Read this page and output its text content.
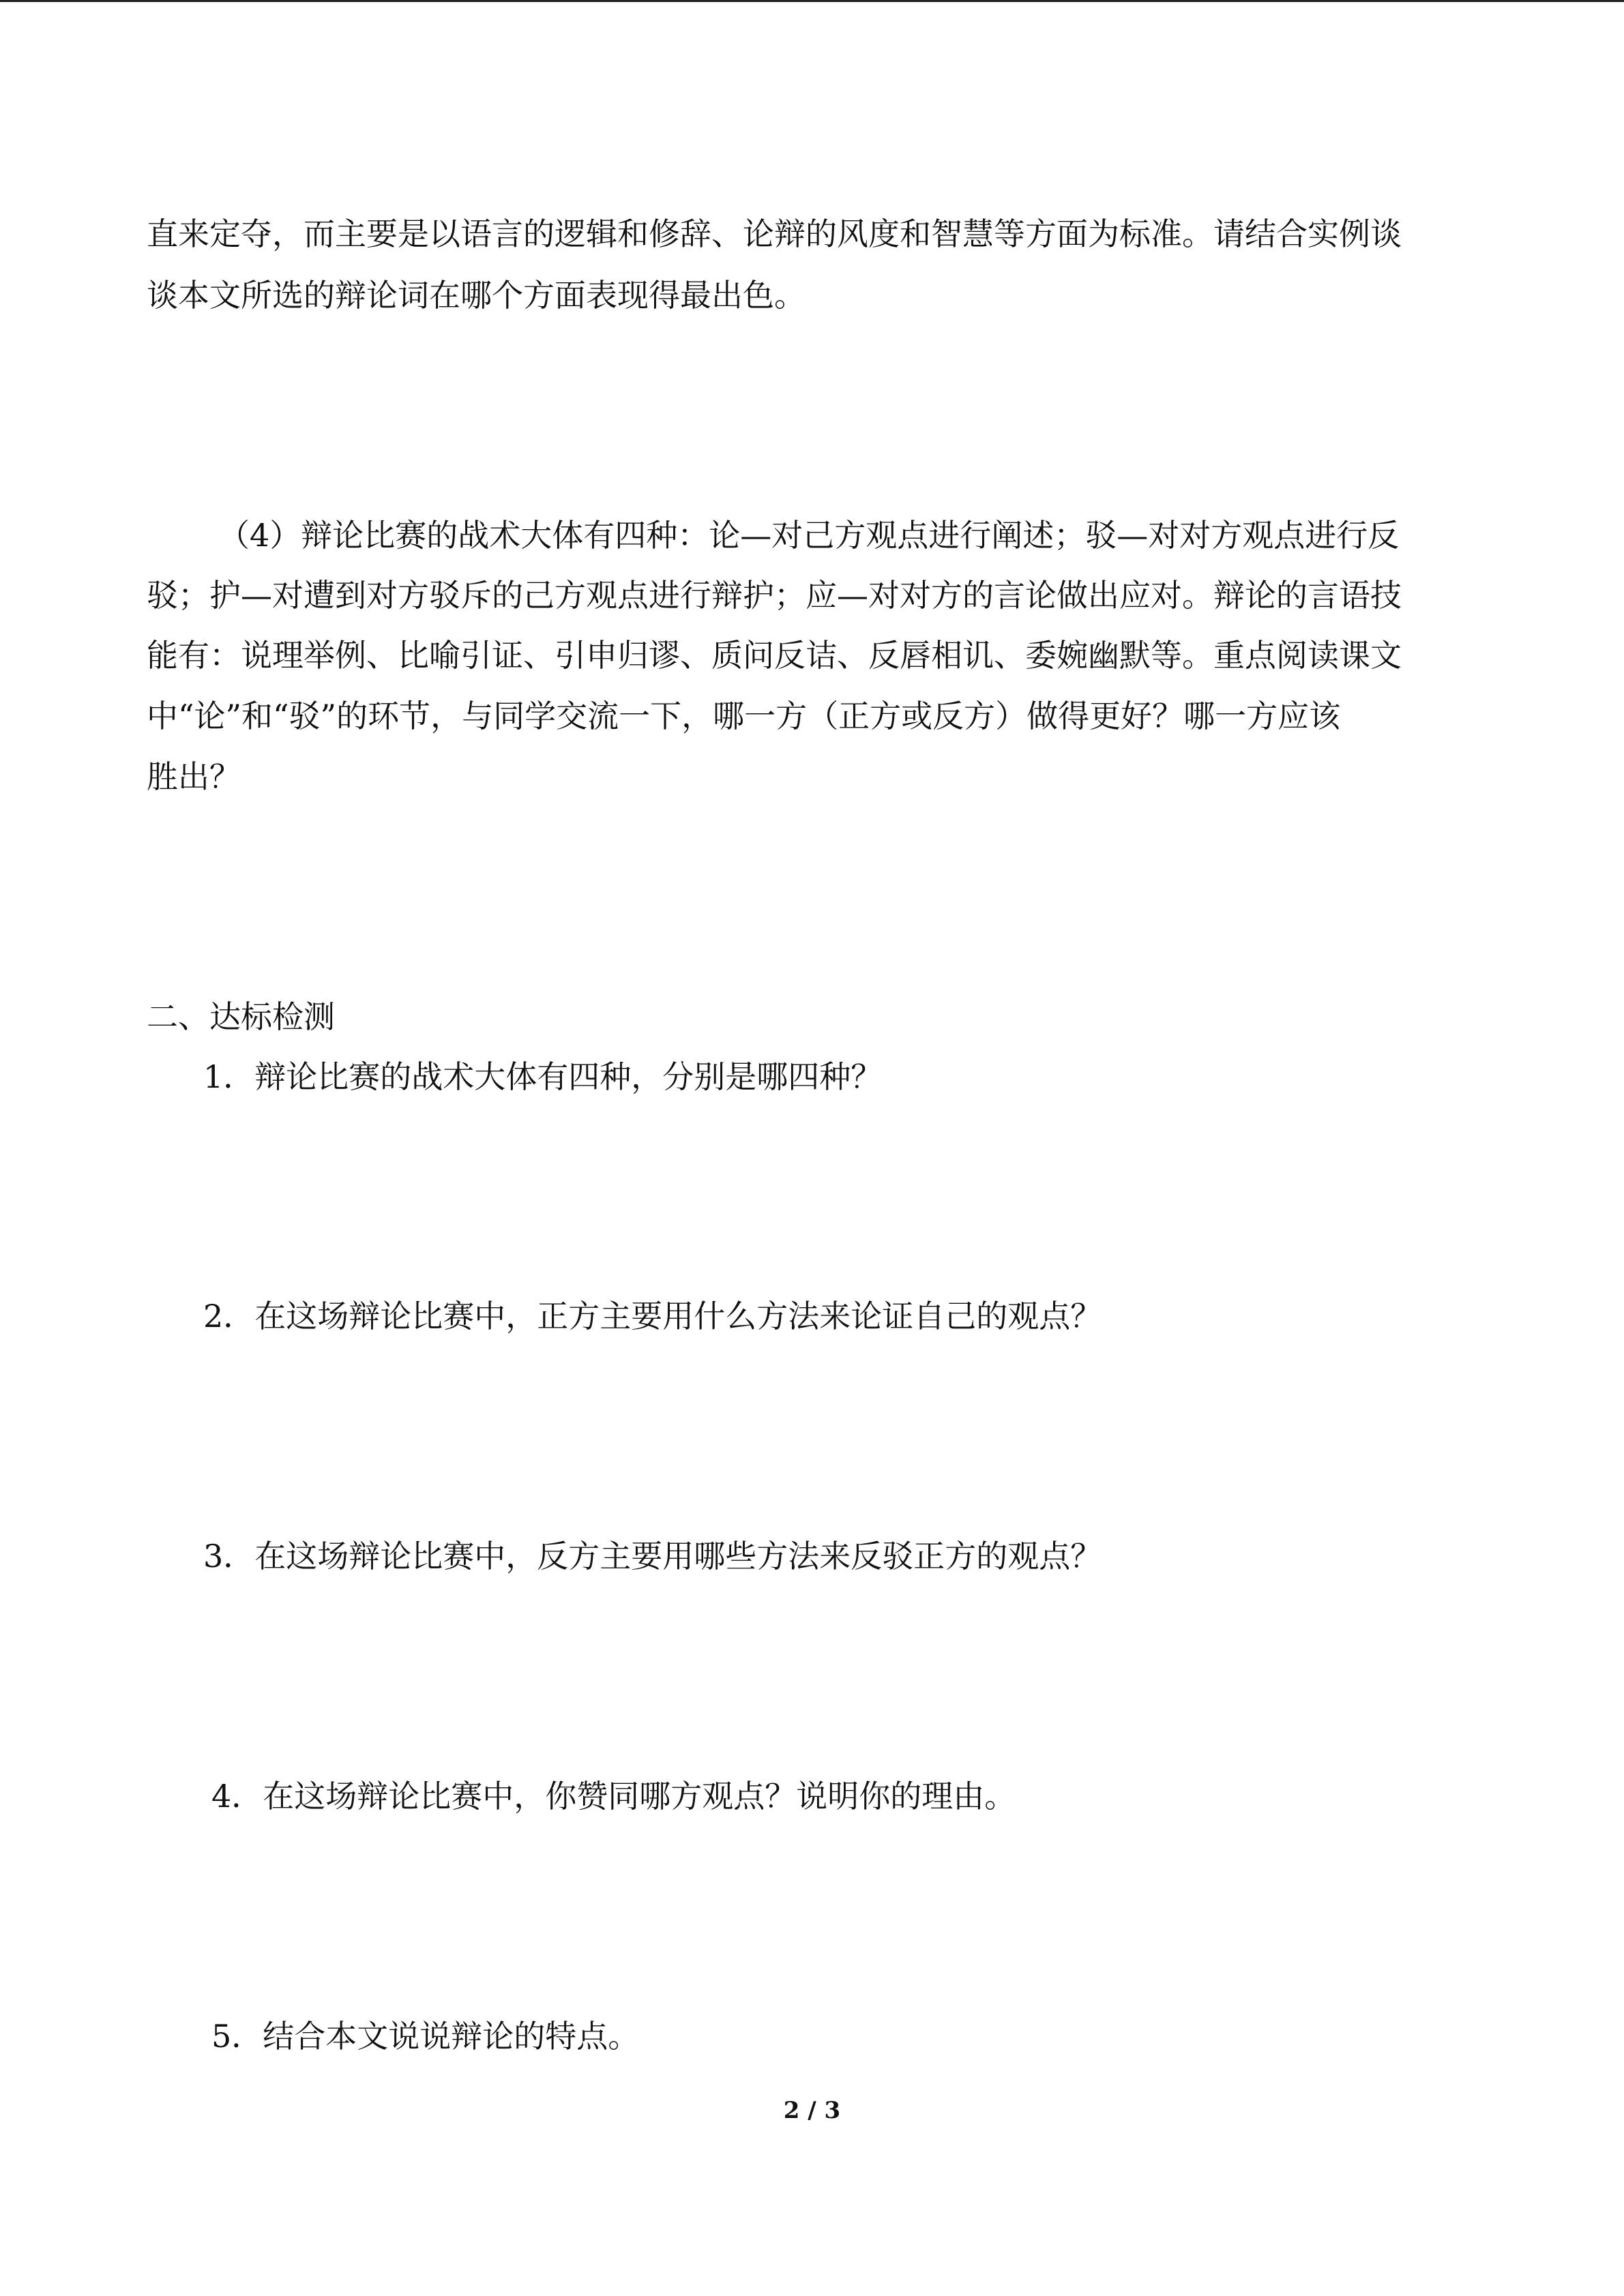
直来定夺，而主要是以语言的逻辑和修辞、论辩的风度和智慧等方面为标准。请结合实例谈

谈本文所选的辩论词在哪个方面表现得最出色。

（4）辩论比赛的战术大体有四种：论—对己方观点进行阐述；驳—对对方观点进行反

驳；护—对遭到对方驳斥的己方观点进行辩护；应—对对方的言论做出应对。辩论的言语技

能有：说理举例、比喻引证、引申归谬、质问反诘、反唇相讥、委婉幽默等。重点阅读课文

中“论”和“驳”的环节，与同学交流一下，哪一方（正方或反方）做得更好？哪一方应该

胜出？

二、达标检测

1．辩论比赛的战术大体有四种，分别是哪四种？

2．在这场辩论比赛中，正方主要用什么方法来论证自己的观点？

3．在这场辩论比赛中，反方主要用哪些方法来反驳正方的观点？

4．在这场辩论比赛中，你赞同哪方观点？说明你的理由。

5．结合本文说说辩论的特点。

2 / 3
